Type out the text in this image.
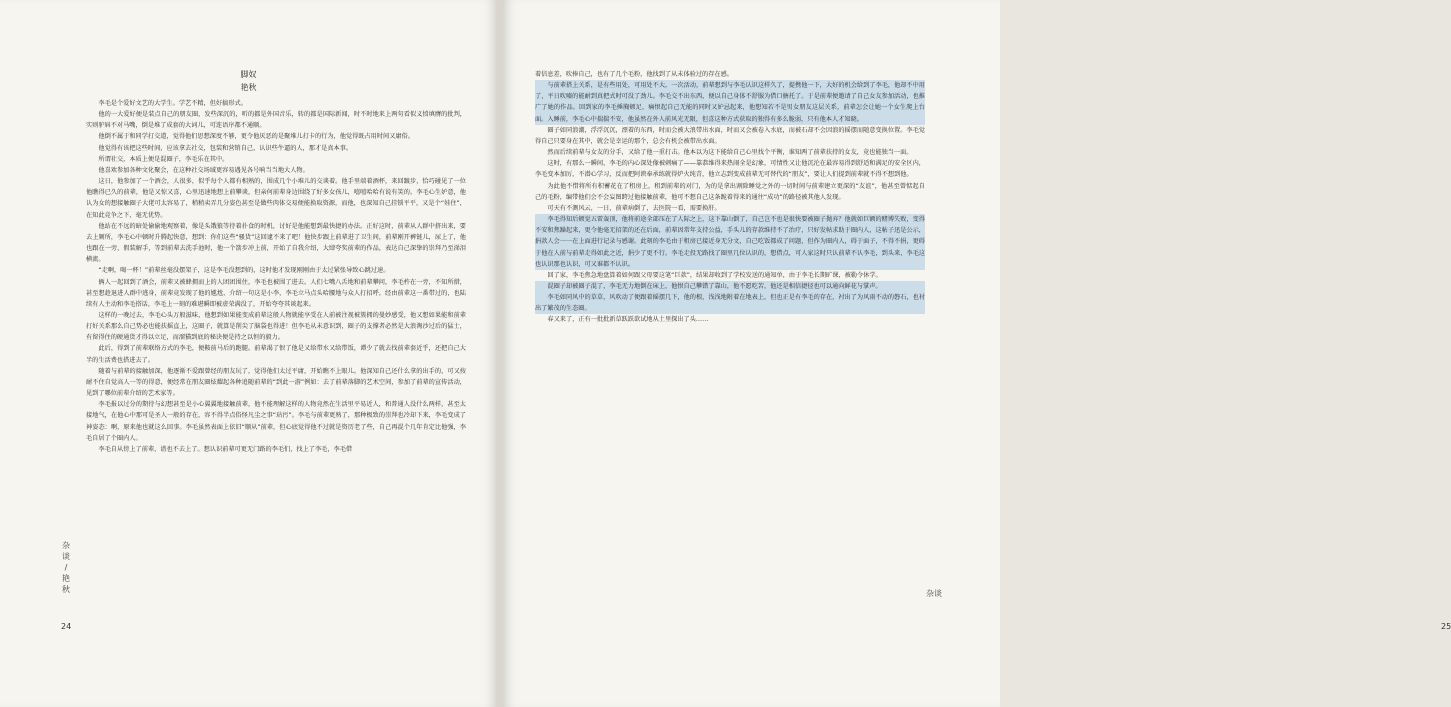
脚奴
艳秋

李毛是个爱好文艺的大学生。学艺不精，但好搞形式。

他的一大爱好便是装点自己的朋友圈，发些深沉的，听的都是外国音乐，转的都是国际新闻，时不时地来上两句看似义愤填膺的批判，实则驴唇不对马嘴，倒是堆了成套的大词儿，可连语序都不通顺。

他倒不属于和同学打交道，觉得他们思想深度不够，更令他厌恶的是聚堆儿打卡的行为，他觉得既占用时间又庸俗。

他觉得有该把这些时间，应该拿去社交，包装和营销自己，认识些牛逼的人，那才是真本事。

所谓社交，本质上便是混圈子，李毛乐在其中。

他喜欢参加各种文化聚会，在这种社交场域更容易遇见各号响当当地大人物。

这日，他参加了一个酒会，人很多，似乎每个人都有相熟的，围成几个小堆儿的交谈着。他手里端着酒杯，来回踱步，恰巧碰见了一位他瞧得已久的前辈，他是又惊又喜，心里迅速地想上前攀谈，但亲何前辈身边围绕了好多女孩儿，嘻嘻哈哈有说有笑的。李毛心生妒意，他认为女的想接触圈子大佬可太容易了，稍稍卖弄几分姿色甚至是做些肉体交易便能换取资源，而他，也深知自己挂锁平平，又是个“娃住”，在知此竞争之下，毫无优势。

他站在不远的暗处偷偷地观察着，像是头饿狼等待着扑食的时机，讨好是他能想到最快捷的办法。正好这时，前辈从人群中挤出来，要去上厕所，李毛心中顿时升腾起快意，想到：你们这些“骚货”这回逮不来了吧！他快步跟上前辈进了卫生间，前辈刚开裤链儿，尿上了，他也跟在一旁，假装解手，等到前辈去洗手池时，他一个箭步冲上前，开始了自我介绍，大肆夸奖前辈的作品，表达自己深挚的崇拜乃至涕泪横流。

“走啊，喝一杯！”前辈丝毫没摆架子，这是李毛没想到的，这时他才发现刚刚由于太过紧张导致心跳过速。

俩人一起回到了酒会，前辈又被蜂拥而上的人团团围住，李毛也被围了进去。人们七嘴八舌地和前辈攀问，李毛杵在一旁，不知所措，甚至想趁退进人群中逃身，前辈竟发现了他的尴尬，介绍一句这是小李，李毛立马点头哈腰地与众人打招呼，经由前辈这一番带过的，也陆续有人主动和李毛搭话，李毛上一刻的难堪瞬即被虚荣满没了，开始夸夸其谈起来。

这样的一晚过去，李毛心头万般滋味，他想到如果能变成前辈这般人物就能享受在人前被注视被簇拥的曼妙感受，他又想如果能和前辈打好关系那么自己势必也能扶摇直上，这圈子，就算是削尖了脑袋也得进！但李毛从未意识到，圈子的支撑者必然是大浪淘沙过后的猛士，有留得住的硬通货才得以立足，而溜猫到底的秘诀便是持之以恒的毅力。

此后，得到了前辈联络方式的李毛，便鞍前马后的跑腿。前辈渴了恨了他是又给带水又给带饭，谭少了就去找前辈套近乎，还把自己大半的生活费也搭进去了。

随着与前辈的接触加深，他逐渐不爱跟曾经的朋友玩了，觉得他们太过平庸，开始瞧不上眼儿。他深知自己还什么拿的出手的，可又按耐不住自觉高人一等的得意，便经常在朋友圈炫耀起各种追随前辈的“到此一游”例如：去了前辈落脚的艺术空间，参加了前辈的宣传活动，见到了哪位前辈介绍的艺术家等。

李毛报以过分的期待与幻想甚至是小心翼翼地接触前辈，他不能理解这样的人物竟然在生活里平易近人，和普通人没什么两样，甚至太接地气，在他心中那可是圣人一般的存在，容不得半点俗怪凡尘之事“玷污”。李毛与前辈更熟了，那种极致的崇拜也冷却下来，李毛变成了神姿态：啊，原来他也就这么回事。李毛虽然表面上依旧“顺从”前辈，但心底觉得他不过就是资历老了些，自己再混个几年肯定比他强，李毛自居了个圈内人。

李毛自从傍上了前辈，谱也不去上了。想认识前辈可更无门路的李毛们，找上了李毛，李毛借

杂
谈
/
艳
秋
24
杂谈
25

着信息差，吹捧自己，也有了几个毛粉，他找到了从未体验过的存在感。

与前辈搭上关系，是有些用处，可用处不大。一次活动，前辈想到与李毛认识这样久了，提携他一下，大好的机会给到了李毛，他却不中用了，平日吹嘘的能耐到真把式时可没了劲儿。李毛交不出东西，便以自己身体不舒服为借口搪托了。于是前辈便邀请了自己女友参加活动，也推广了她的作品。回到家的李毛捶胸顿足，痛恨起自己无能的同时又妒忌起来，他想知若不是男女朋友这层关系，前辈怎会让她一个女生爬上台面。入睡前，李毛心中揣揣不安，他虽然在外人前风光无限，但喜这种方式获取的独得有多么脆弱，只有他本人才知晓。

圈子如同浪潮，浮浮沉沉，漂着的东西，时而会被大浪带出水面，时而又会被卷入水底，而被石却不会因浪的摇摆而随意变换位置。李毛觉得自己只要身在其中，就会是幸运的那个，总会有机会被带出水面。

然而后续前辈与女友的分手，又给了他一重打击。他本以为这下能给自己心里找个平衡，谁知两了前辈扶持的女友，竟也能独当一面。

这时，有那么一瞬间，李毛的内心深处像被刺痛了——靠恭维得来热闹全是幻象，可情性又让他沉沦在最容易得到舒适和满足的安全区内，李毛变本加厉，不潜心学习，反而把阿谀奉承练就得炉火纯青，他立志到变成前辈无可替代的“朋友”，要让人们提到前辈就不得不想到他。

为此他不惜将所有积蓄花在了租房上，租到前辈的对门，为的是拿出割除睡觉之外的一切时间与前辈建立更深的“友谊”，他甚至曾惦起自己的毛粉，编带他们会不会妄图跨过他接触前辈，他可不想自己这条跪着得来的通往“成功”的路径被其他人发现。

可天有不测风云，一日，前辈病倒了，去医院一看，需要换肝。

李毛得知后顿觉五雷轰顶，他将前途全部压在了人际之上，这下靠山倒了，自己岂不也是很快要被圈子抛弃？他就如巨额的赌博失败，变得不安和焦躁起来，更令他毫无招架的还在后面，前辈因常年支持公益，手头儿的存款维持不了治疗，只好发帖求助于圈内人，这帖子迅是公示，捐款人会一一在上面进行记录与感谢。此刻的李毛由于租房已接近身无分文，自己吃饭都成了问题，但作为圈内人，碍于面子，不得不捐，更碍于他在人前与前辈走得如此之近，捐少了更不行。李毛走投无路找了圈里几位认识的，想借点，可人家这时只认前辈不认李毛，到头来，李毛这也认识那也认识，可又谁都不认识。

回了家，李毛焦急地盘算着如何跟父母要这笔“巨款”，结果却收到了学校发送的通知单，由于李毛长期旷课，被勒令休学。

混圈子却被圈子混了，李毛无力地倒在床上，他恨自己攀错了靠山，他不愿吃苦，他还是相信捷径也可以通向鲜花与掌声。

李毛如同风中的草草，风吹动了便跟着摇摆几下，他的根，浅浅地附着在地表上，但也正是有李毛的存在，衬出了为风雨不动的磐石，也衬出了繁茂的生态圈。

春又来了，正有一批批新草跃跃欲试地从土里探出了头……
